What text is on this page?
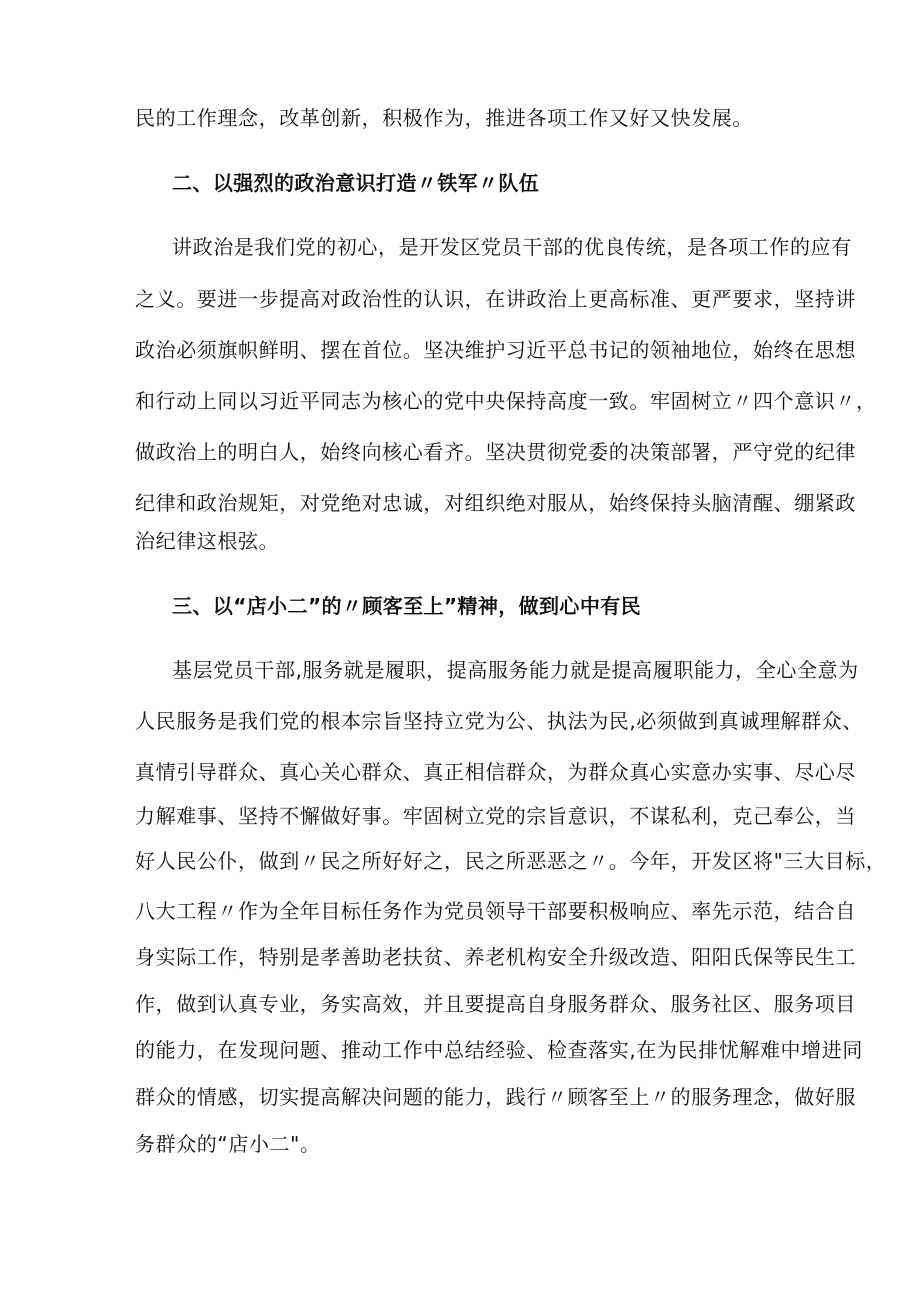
民的工作理念，改革创新，积极作为，推进各项工作又好又快发展。
二、以强烈的政治意识打造〃铁军〃队伍
讲政治是我们党的初心，是开发区党员干部的优良传统，是各项工作的应有
之义。要进一步提高对政治性的认识，在讲政治上更高标准、更严要求，坚持讲
政治必须旗帜鲜明、摆在首位。坚决维护习近平总书记的领袖地位，始终在思想
和行动上同以习近平同志为核心的党中央保持高度一致。牢固树立〃四个意识〃，
做政治上的明白人，始终向核心看齐。坚决贯彻党委的决策部署，严守党的纪律
纪律和政治规矩，对党绝对忠诚，对组织绝对服从，始终保持头脑清醒、绷紧政
治纪律这根弦。
三、以“店小二”的〃顾客至上”精神，做到心中有民
基层党员干部,服务就是履职，提高服务能力就是提高履职能力，全心全意为
人民服务是我们党的根本宗旨坚持立党为公、执法为民,必须做到真诚理解群众、
真情引导群众、真心关心群众、真正相信群众，为群众真心实意办实事、尽心尽
力解难事、坚持不懈做好事。牢固树立党的宗旨意识，不谋私利，克己奉公，当
好人民公仆，做到〃民之所好好之，民之所恶恶之〃。今年，开发区将"三大目标，
八大工程〃作为全年目标任务作为党员领导干部要积极响应、率先示范，结合自
身实际工作，特别是孝善助老扶贫、养老机构安全升级改造、阳阳氏保等民生工
作，做到认真专业，务实高效，并且要提高自身服务群众、服务社区、服务项目
的能力，在发现问题、推动工作中总结经验、检查落实,在为民排忧解难中增进同
群众的情感，切实提高解决问题的能力，践行〃顾客至上〃的服务理念，做好服
务群众的“店小二"。
